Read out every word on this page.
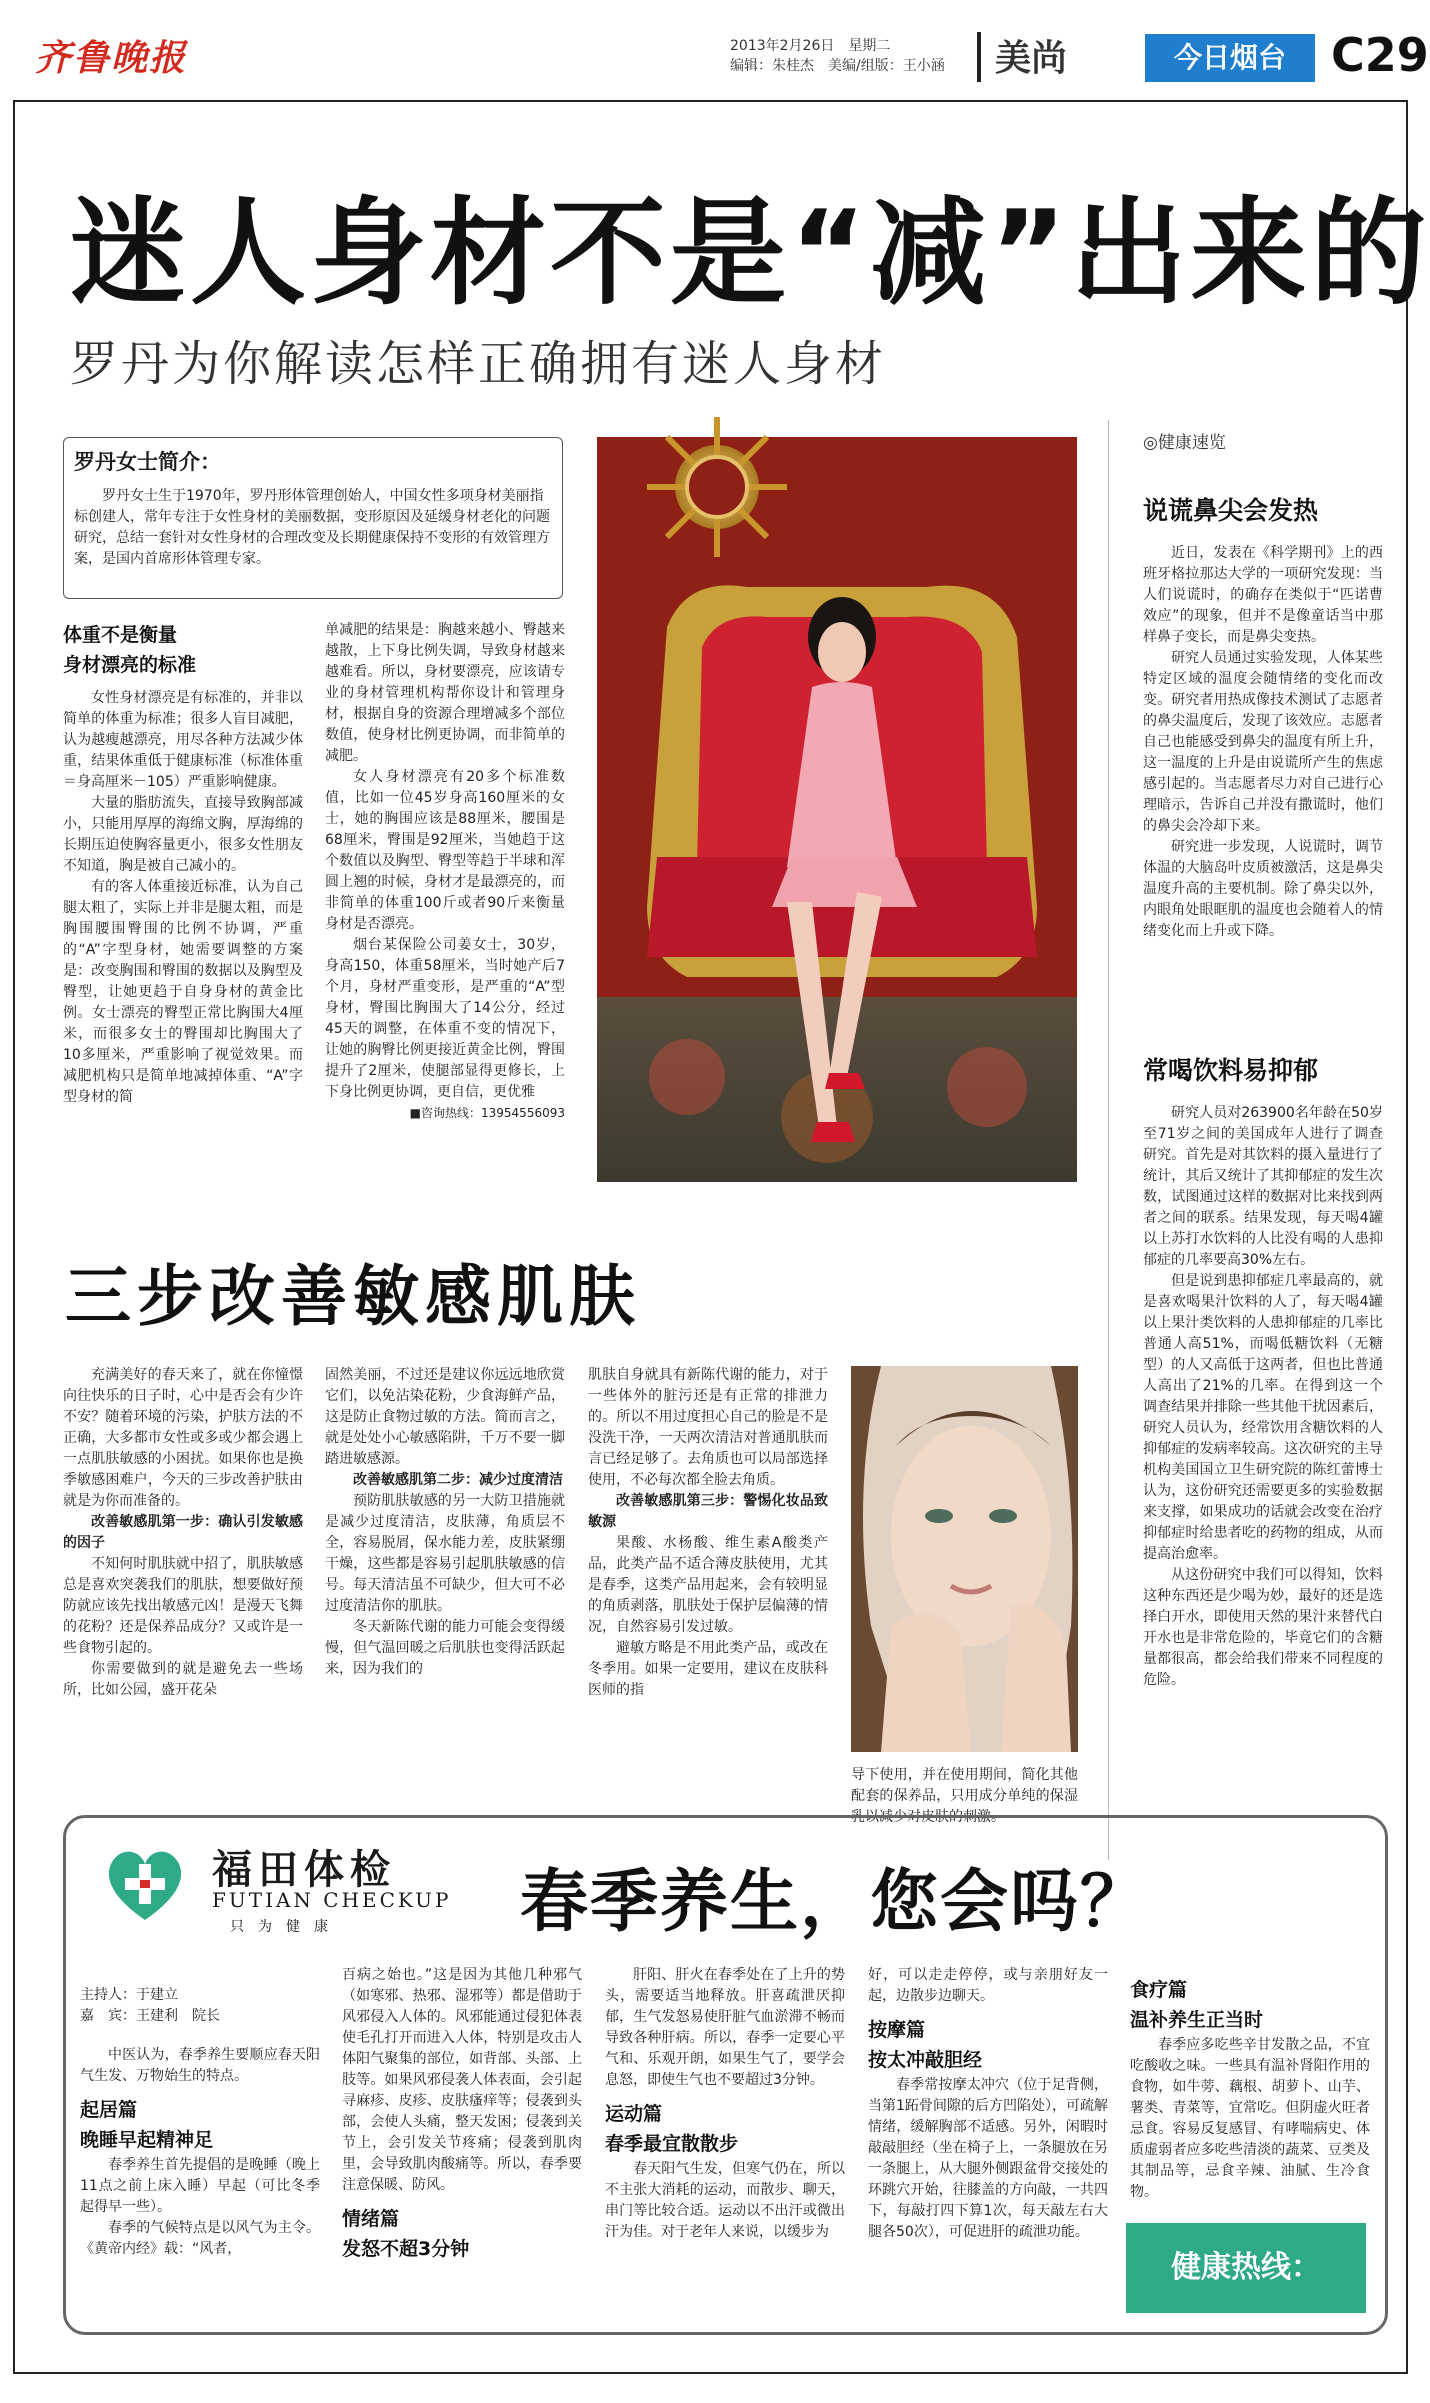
齐鲁晚报	2013年2月26日　星期二
编辑：朱桂杰　美编/组版：王小涵 美尚	今日烟台 C29
迷人身材不是“减”出来的
罗丹为你解读怎样正确拥有迷人身材
罗丹女士简介：
罗丹女士生于1970年，罗丹形体管理创始人，中国女性多项身材美丽指标创建人，常年专注于女性身材的美丽数据，变形原因及延缓身材老化的问题研究，总结一套针对女性身材的合理改变及长期健康保持不变形的有效管理方案，是国内首席形体管理专家。
体重不是衡量
身材漂亮的标准

女性身材漂亮是有标准的，并非以简单的体重为标准；很多人盲目减肥，认为越瘦越漂亮，用尽各种方法减少体重，结果体重低于健康标准（标准体重＝身高厘米－105）严重影响健康。

大量的脂肪流失，直接导致胸部减小，只能用厚厚的海绵文胸，厚海绵的长期压迫使胸容量更小，很多女性朋友不知道，胸是被自己减小的。

有的客人体重接近标准，认为自己腿太粗了，实际上并非是腿太粗，而是胸围腰围臀围的比例不协调，严重的“A”字型身材，她需要调整的方案是：改变胸围和臀围的数据以及胸型及臀型，让她更趋于自身身材的黄金比例。女士漂亮的臀型正常比胸围大4厘米，而很多女士的臀围却比胸围大了10多厘米，严重影响了视觉效果。而减肥机构只是简单地减掉体重、“A”字型身材的简

单减肥的结果是：胸越来越小、臀越来越散，上下身比例失调，导致身材越来越难看。所以，身材要漂亮，应该请专业的身材管理机构帮你设计和管理身材，根据自身的资源合理增减多个部位数值，使身材比例更协调，而非简单的减肥。

女人身材漂亮有20多个标准数值，比如一位45岁身高160厘米的女士，她的胸围应该是88厘米，腰围是68厘米，臀围是92厘米，当她趋于这个数值以及胸型、臀型等趋于半球和浑圆上翘的时候，身材才是最漂亮的，而非简单的体重100斤或者90斤来衡量身材是否漂亮。

烟台某保险公司姜女士，30岁，身高150，体重58厘米，当时她产后7个月，身材严重变形，是严重的“A”型身材，臀围比胸围大了14公分，经过45天的调整，在体重不变的情况下，让她的胸臀比例更接近黄金比例，臀围提升了2厘米，使腿部显得更修长，上下身比例更协调，更自信，更优雅

■咨询热线：13954556093
◎健康速览
说谎鼻尖会发热

近日，发表在《科学期刊》上的西班牙格拉那达大学的一项研究发现：当人们说谎时，的确存在类似于“匹诺曹效应”的现象，但并不是像童话当中那样鼻子变长，而是鼻尖变热。

研究人员通过实验发现，人体某些特定区域的温度会随情绪的变化而改变。研究者用热成像技术测试了志愿者的鼻尖温度后，发现了该效应。志愿者自己也能感受到鼻尖的温度有所上升，这一温度的上升是由说谎所产生的焦虑感引起的。当志愿者尽力对自己进行心理暗示，告诉自己并没有撒谎时，他们的鼻尖会冷却下来。

研究进一步发现，人说谎时，调节体温的大脑岛叶皮质被激活，这是鼻尖温度升高的主要机制。除了鼻尖以外，内眼角处眼眶肌的温度也会随着人的情绪变化而上升或下降。

常喝饮料易抑郁

研究人员对263900名年龄在50岁至71岁之间的美国成年人进行了调查研究。首先是对其饮料的摄入量进行了统计，其后又统计了其抑郁症的发生次数，试图通过这样的数据对比来找到两者之间的联系。结果发现，每天喝4罐以上苏打水饮料的人比没有喝的人患抑郁症的几率要高30%左右。

但是说到患抑郁症几率最高的，就是喜欢喝果汁饮料的人了，每天喝4罐以上果汁类饮料的人患抑郁症的几率比普通人高51%，而喝低糖饮料（无糖型）的人又高低于这两者，但也比普通人高出了21%的几率。在得到这一个调查结果并排除一些其他干扰因素后，研究人员认为，经常饮用含糖饮料的人抑郁症的发病率较高。这次研究的主导机构美国国立卫生研究院的陈红蕾博士认为，这份研究还需要更多的实验数据来支撑，如果成功的话就会改变在治疗抑郁症时给患者吃的药物的组成，从而提高治愈率。

从这份研究中我们可以得知，饮料这种东西还是少喝为妙，最好的还是选择白开水，即使用天然的果汁来替代白开水也是非常危险的，毕竟它们的含糖量都很高，都会给我们带来不同程度的危险。

三步改善敏感肌肤

充满美好的春天来了，就在你憧憬向往快乐的日子时，心中是否会有少许不安？随着环境的污染，护肤方法的不正确，大多都市女性或多或少都会遇上一点肌肤敏感的小困扰。如果你也是换季敏感困难户，今天的三步改善护肤由就是为你而准备的。

改善敏感肌第一步：确认引发敏感的因子

不知何时肌肤就中招了，肌肤敏感总是喜欢突袭我们的肌肤，想要做好预防就应该先找出敏感元凶！是漫天飞舞的花粉？还是保养品成分？又或许是一些食物引起的。

你需要做到的就是避免去一些场所，比如公园，盛开花朵

固然美丽，不过还是建议你远远地欣赏它们，以免沾染花粉，少食海鲜产品，这是防止食物过敏的方法。简而言之，就是处处小心敏感陷阱，千万不要一脚踏进敏感源。

改善敏感肌第二步：减少过度清洁

预防肌肤敏感的另一大防卫措施就是减少过度清洁，皮肤薄，角质层不全，容易脱屑，保水能力差，皮肤紧绷干燥，这些都是容易引起肌肤敏感的信号。每天清洁虽不可缺少，但大可不必过度清洁你的肌肤。

冬天新陈代谢的能力可能会变得缓慢，但气温回暖之后肌肤也变得活跃起来，因为我们的

肌肤自身就具有新陈代谢的能力，对于一些体外的脏污还是有正常的排泄力的。所以不用过度担心自己的脸是不是没洗干净，一天两次清洁对普通肌肤而言已经足够了。去角质也可以局部选择使用，不必每次都全脸去角质。

改善敏感肌第三步：警惕化妆品致敏源

果酸、水杨酸、维生素A酸类产品，此类产品不适合薄皮肤使用，尤其是春季，这类产品用起来，会有较明显的角质剥落，肌肤处于保护层偏薄的情况，自然容易引发过敏。

避敏方略是不用此类产品，或改在冬季用。如果一定要用，建议在皮肤科医师的指

导下使用，并在使用期间，简化其他配套的保养品，只用成分单纯的保湿乳以减少对皮肤的刺激。

福田体检
FUTIAN CHECKUP
只　为　健　康	春季养生，您会吗？
主持人：于建立
嘉　宾：王建利　院长

中医认为，春季养生要顺应春天阳气生发、万物始生的特点。

起居篇
晚睡早起精神足

春季养生首先提倡的是晚睡（晚上11点之前上床入睡）早起（可比冬季起得早一些）。

春季的气候特点是以风气为主令。《黄帝内经》载：“风者，

百病之始也。”这是因为其他几种邪气（如寒邪、热邪、湿邪等）都是借助于风邪侵入人体的。风邪能通过侵犯体表使毛孔打开而进入人体，特别是攻击人体阳气聚集的部位，如背部、头部、上肢等。如果风邪侵袭人体表面，会引起寻麻疹、皮疹、皮肤瘙痒等；侵袭到头部，会使人头痛，整天发困；侵袭到关节上，会引发关节疼痛；侵袭到肌肉里，会导致肌肉酸痛等。所以，春季要注意保暖、防风。

情绪篇
发怒不超3分钟

肝阳、肝火在春季处在了上升的势头，需要适当地释放。肝喜疏泄厌抑郁，生气发怒易使肝脏气血淤滞不畅而导致各种肝病。所以，春季一定要心平气和、乐观开朗，如果生气了，要学会息怒，即使生气也不要超过3分钟。

运动篇
春季最宜散散步

春天阳气生发，但寒气仍在，所以不主张大消耗的运动，而散步、聊天，串门等比较合适。运动以不出汗或微出汗为佳。对于老年人来说，以缓步为

好，可以走走停停，或与亲朋好友一起，边散步边聊天。

按摩篇
按太冲敲胆经

春季常按摩太冲穴（位于足背侧，当第1跖骨间隙的后方凹陷处），可疏解情绪，缓解胸部不适感。另外，闲暇时敲敲胆经（坐在椅子上，一条腿放在另一条腿上，从大腿外侧跟盆骨交接处的环跳穴开始，往膝盖的方向敲，一共四下，每敲打四下算1次，每天敲左右大腿各50次），可促进肝的疏泄功能。

食疗篇
温补养生正当时

春季应多吃些辛甘发散之品，不宜吃酸收之味。一些具有温补肾阳作用的食物，如牛蒡、藕根、胡萝卜、山芋、薯类、青菜等，宜常吃。但阴虚火旺者忌食。容易反复感冒、有哮喘病史、体质虚弱者应多吃些清淡的蔬菜、豆类及其制品等，忌食辛辣、油腻、生冷食物。

健康热线：6872222
